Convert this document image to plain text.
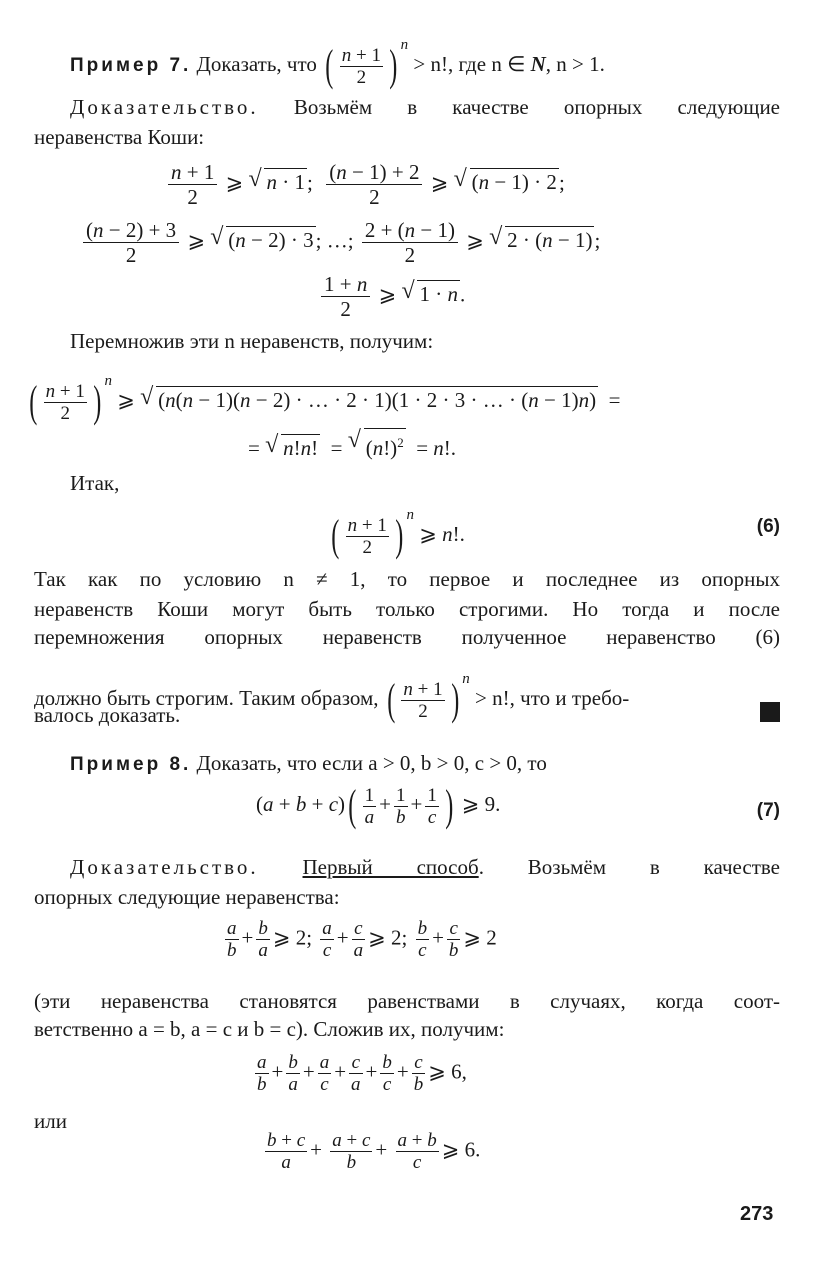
Пример 7. Доказать, что ( $\frac{n + 1}{2}$ ) $^n$ > n!, где n ∈ N, n > 1.
Доказательство. Возьмём в качестве опорных следующие
неравенства Коши:
$\frac{n + 1}{2}$ ⩾ √ n · 1; $\frac{(n - 1) + 2}{2}$ ⩾ √ (n − 1) · 2;
$\frac{(n - 2) + 3}{2}$ ⩾ √ (n − 2) · 3; …; $\frac{2 + (n - 1)}{2}$ ⩾ √ 2 · (n − 1);
$\frac{1 + n}{2}$ ⩾ √ 1 · n.
Перемножив эти n неравенств, получим:
( $\frac{n + 1}{2}$ ) $^n$ ⩾ √ (n(n − 1)(n − 2) · … · 2 · 1)(1 · 2 · 3 · … · (n − 1)n)  =
= √ n!n!  = √ $(n!)^2 = n$!.
Итак,
( $\frac{n + 1}{2}$ ) $^n$ ⩾ n!.	(6)
Так как по условию n ≠ 1, то первое и последнее из опорных
неравенств Коши могут быть только строгими. Но тогда и после
перемножения опорных неравенств полученное неравенство (6)
должно быть строгим. Таким образом, ( $\frac{n + 1}{2}$ ) $^n$ > n!, что и требо-
валось доказать.
Пример 8. Доказать, что если a > 0, b > 0, c > 0, то
$(a + b + c)( \frac{1}{a} + \frac{1}{b} + \frac{1}{c}$ ) ⩾ 9.	(7)
Доказательство. Первый способ. Возьмём в качестве
опорных следующие неравенства:
$\frac{a}{b} + \frac{b}{a}$ ⩾ 2; $\frac{a}{c} + \frac{c}{a}$ ⩾ 2; $\frac{b}{c} + \frac{c}{b}$ ⩾ 2
(эти неравенства становятся равенствами в случаях, когда соот-
ветственно a = b, a = c и b = c). Сложив их, получим:
$\frac{a}{b} + \frac{b}{a} + \frac{a}{c} + \frac{c}{a} + \frac{b}{c} + \frac{c}{b}$ ⩾ 6,
или
$\frac{b + c}{a} + \frac{a + c}{b} + \frac{a + b}{c}$ ⩾ 6.
273
